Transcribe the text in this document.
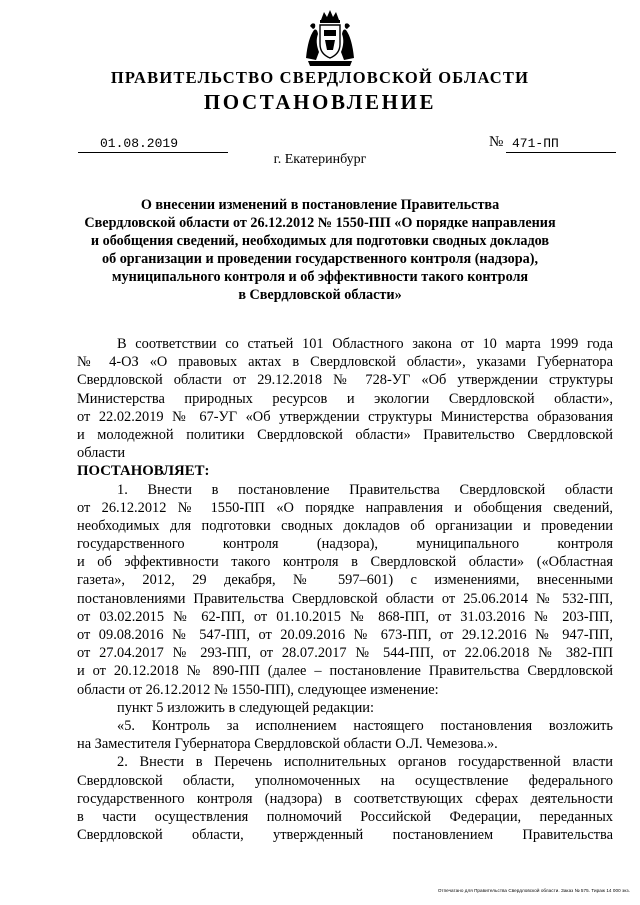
ПРАВИТЕЛЬСТВО СВЕРДЛОВСКОЙ ОБЛАСТИ
ПОСТАНОВЛЕНИЕ
01.08.2019	№ 471-ПП
г. Екатеринбург
О внесении изменений в постановление Правительства
Свердловской области от 26.12.2012 № 1550-ПП «О порядке направления
и обобщения сведений, необходимых для подготовки сводных докладов
об организации и проведении государственного контроля (надзора),
муниципального контроля и об эффективности такого контроля
в Свердловской области»
В соответствии со статьей 101 Областного закона от 10 марта 1999 года
№ 4-ОЗ «О правовых актах в Свердловской области», указами Губернатора
Свердловской области от 29.12.2018 № 728-УГ «Об утверждении структуры
Министерства природных ресурсов и экологии Свердловской области»,
от 22.02.2019 № 67-УГ «Об утверждении структуры Министерства образования
и молодежной политики Свердловской области» Правительство Свердловской
области
ПОСТАНОВЛЯЕТ:
1. Внести в постановление Правительства Свердловской области
от 26.12.2012 № 1550-ПП «О порядке направления и обобщения сведений,
необходимых для подготовки сводных докладов об организации и проведении
государственного контроля (надзора), муниципального контроля
и об эффективности такого контроля в Свердловской области» («Областная
газета», 2012, 29 декабря, № 597–601) с изменениями, внесенными
постановлениями Правительства Свердловской области от 25.06.2014 № 532-ПП,
от 03.02.2015 № 62-ПП, от 01.10.2015 № 868-ПП, от 31.03.2016 № 203-ПП,
от 09.08.2016 № 547-ПП, от 20.09.2016 № 673-ПП, от 29.12.2016 № 947-ПП,
от 27.04.2017 № 293-ПП, от 28.07.2017 № 544-ПП, от 22.06.2018 № 382-ПП
и от 20.12.2018 № 890-ПП (далее – постановление Правительства Свердловской
области от 26.12.2012 № 1550-ПП), следующее изменение:
пункт 5 изложить в следующей редакции:
«5. Контроль за исполнением настоящего постановления возложить
на Заместителя Губернатора Свердловской области О.Л. Чемезова.».
2. Внести в Перечень исполнительных органов государственной власти
Свердловской области, уполномоченных на осуществление федерального
государственного контроля (надзора) в соответствующих сферах деятельности
в части осуществления полномочий Российской Федерации, переданных
Свердловской области, утвержденный постановлением Правительства
Отпечатано для Правительства Свердловской области. Заказ № 575. Тираж 14 000 экз.
